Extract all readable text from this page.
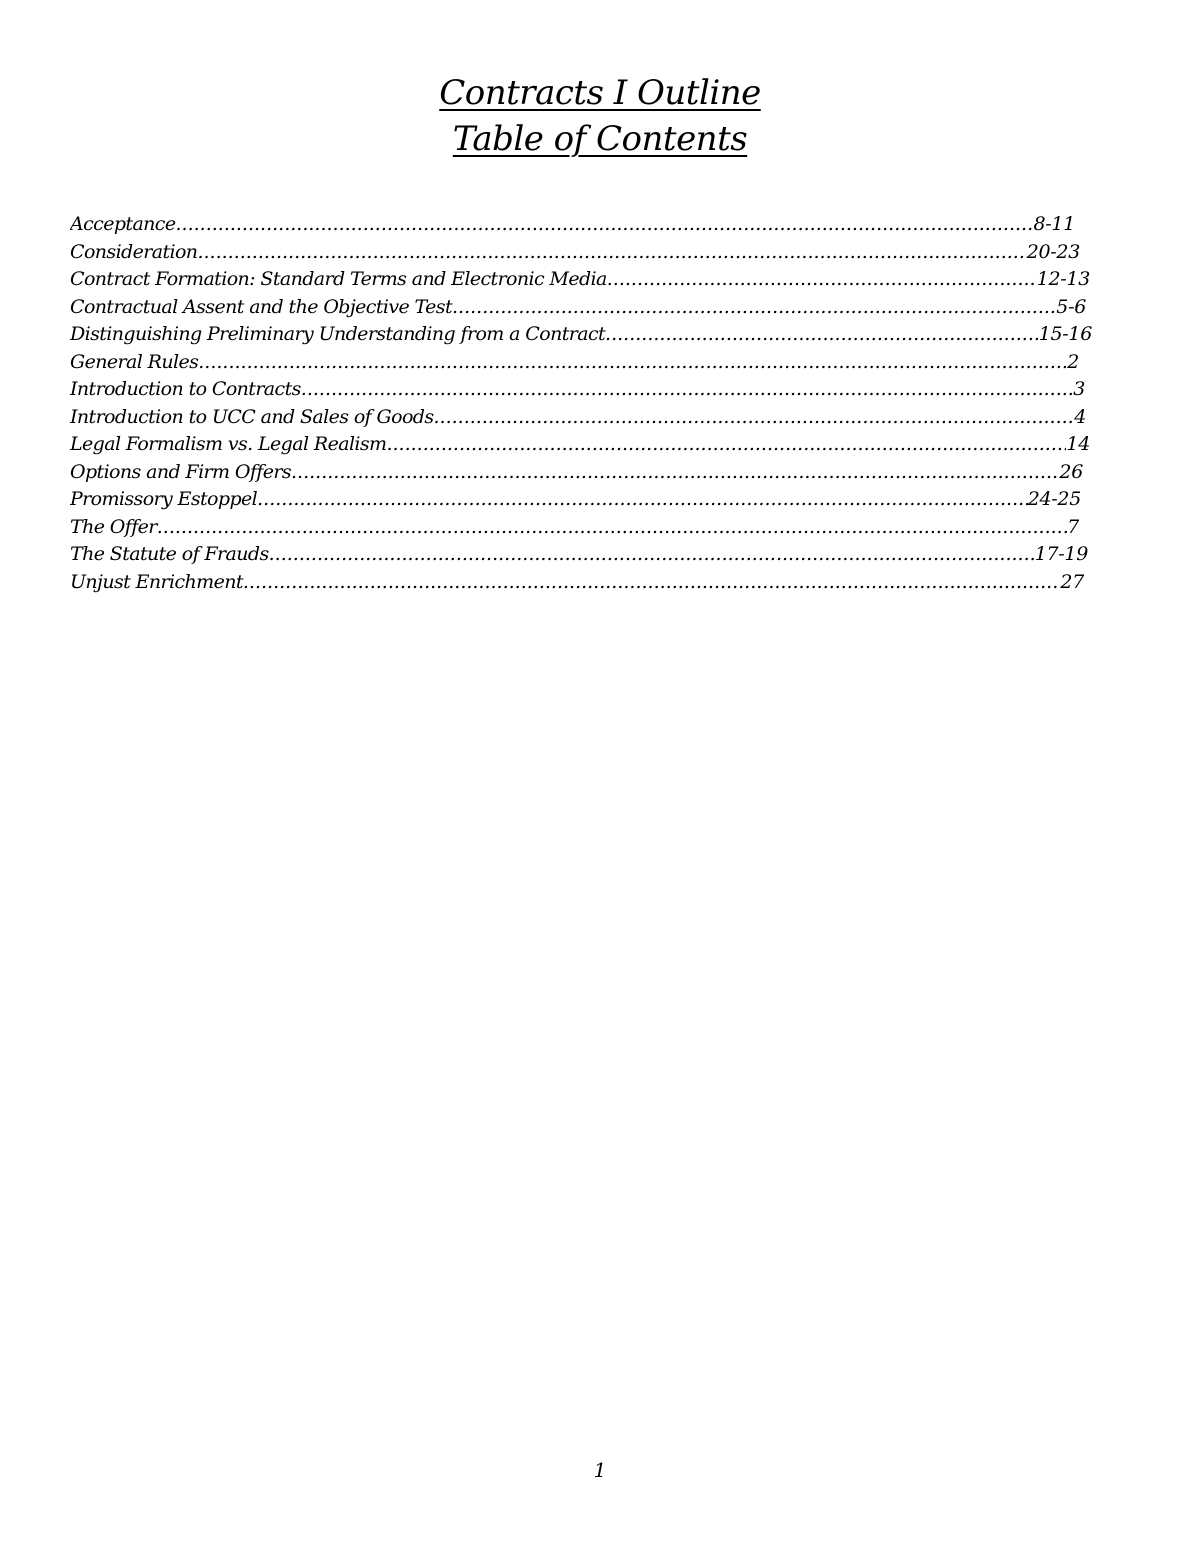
Contracts I Outline
Table of Contents
Acceptance .....	8-11
Consideration .....	20-23
Contract Formation: Standard Terms and Electronic Media .....	12-13
Contractual Assent and the Objective Test .....	5-6
Distinguishing Preliminary Understanding from a Contract .....	15-16
General Rules .....	2
Introduction to Contracts .....	3
Introduction to UCC and Sales of Goods .....	4
Legal Formalism vs. Legal Realism .....	14
Options and Firm Offers .....	26
Promissory Estoppel .....	24-25
The Offer .....	7
The Statute of Frauds .....	17-19
Unjust Enrichment .....	27
1
